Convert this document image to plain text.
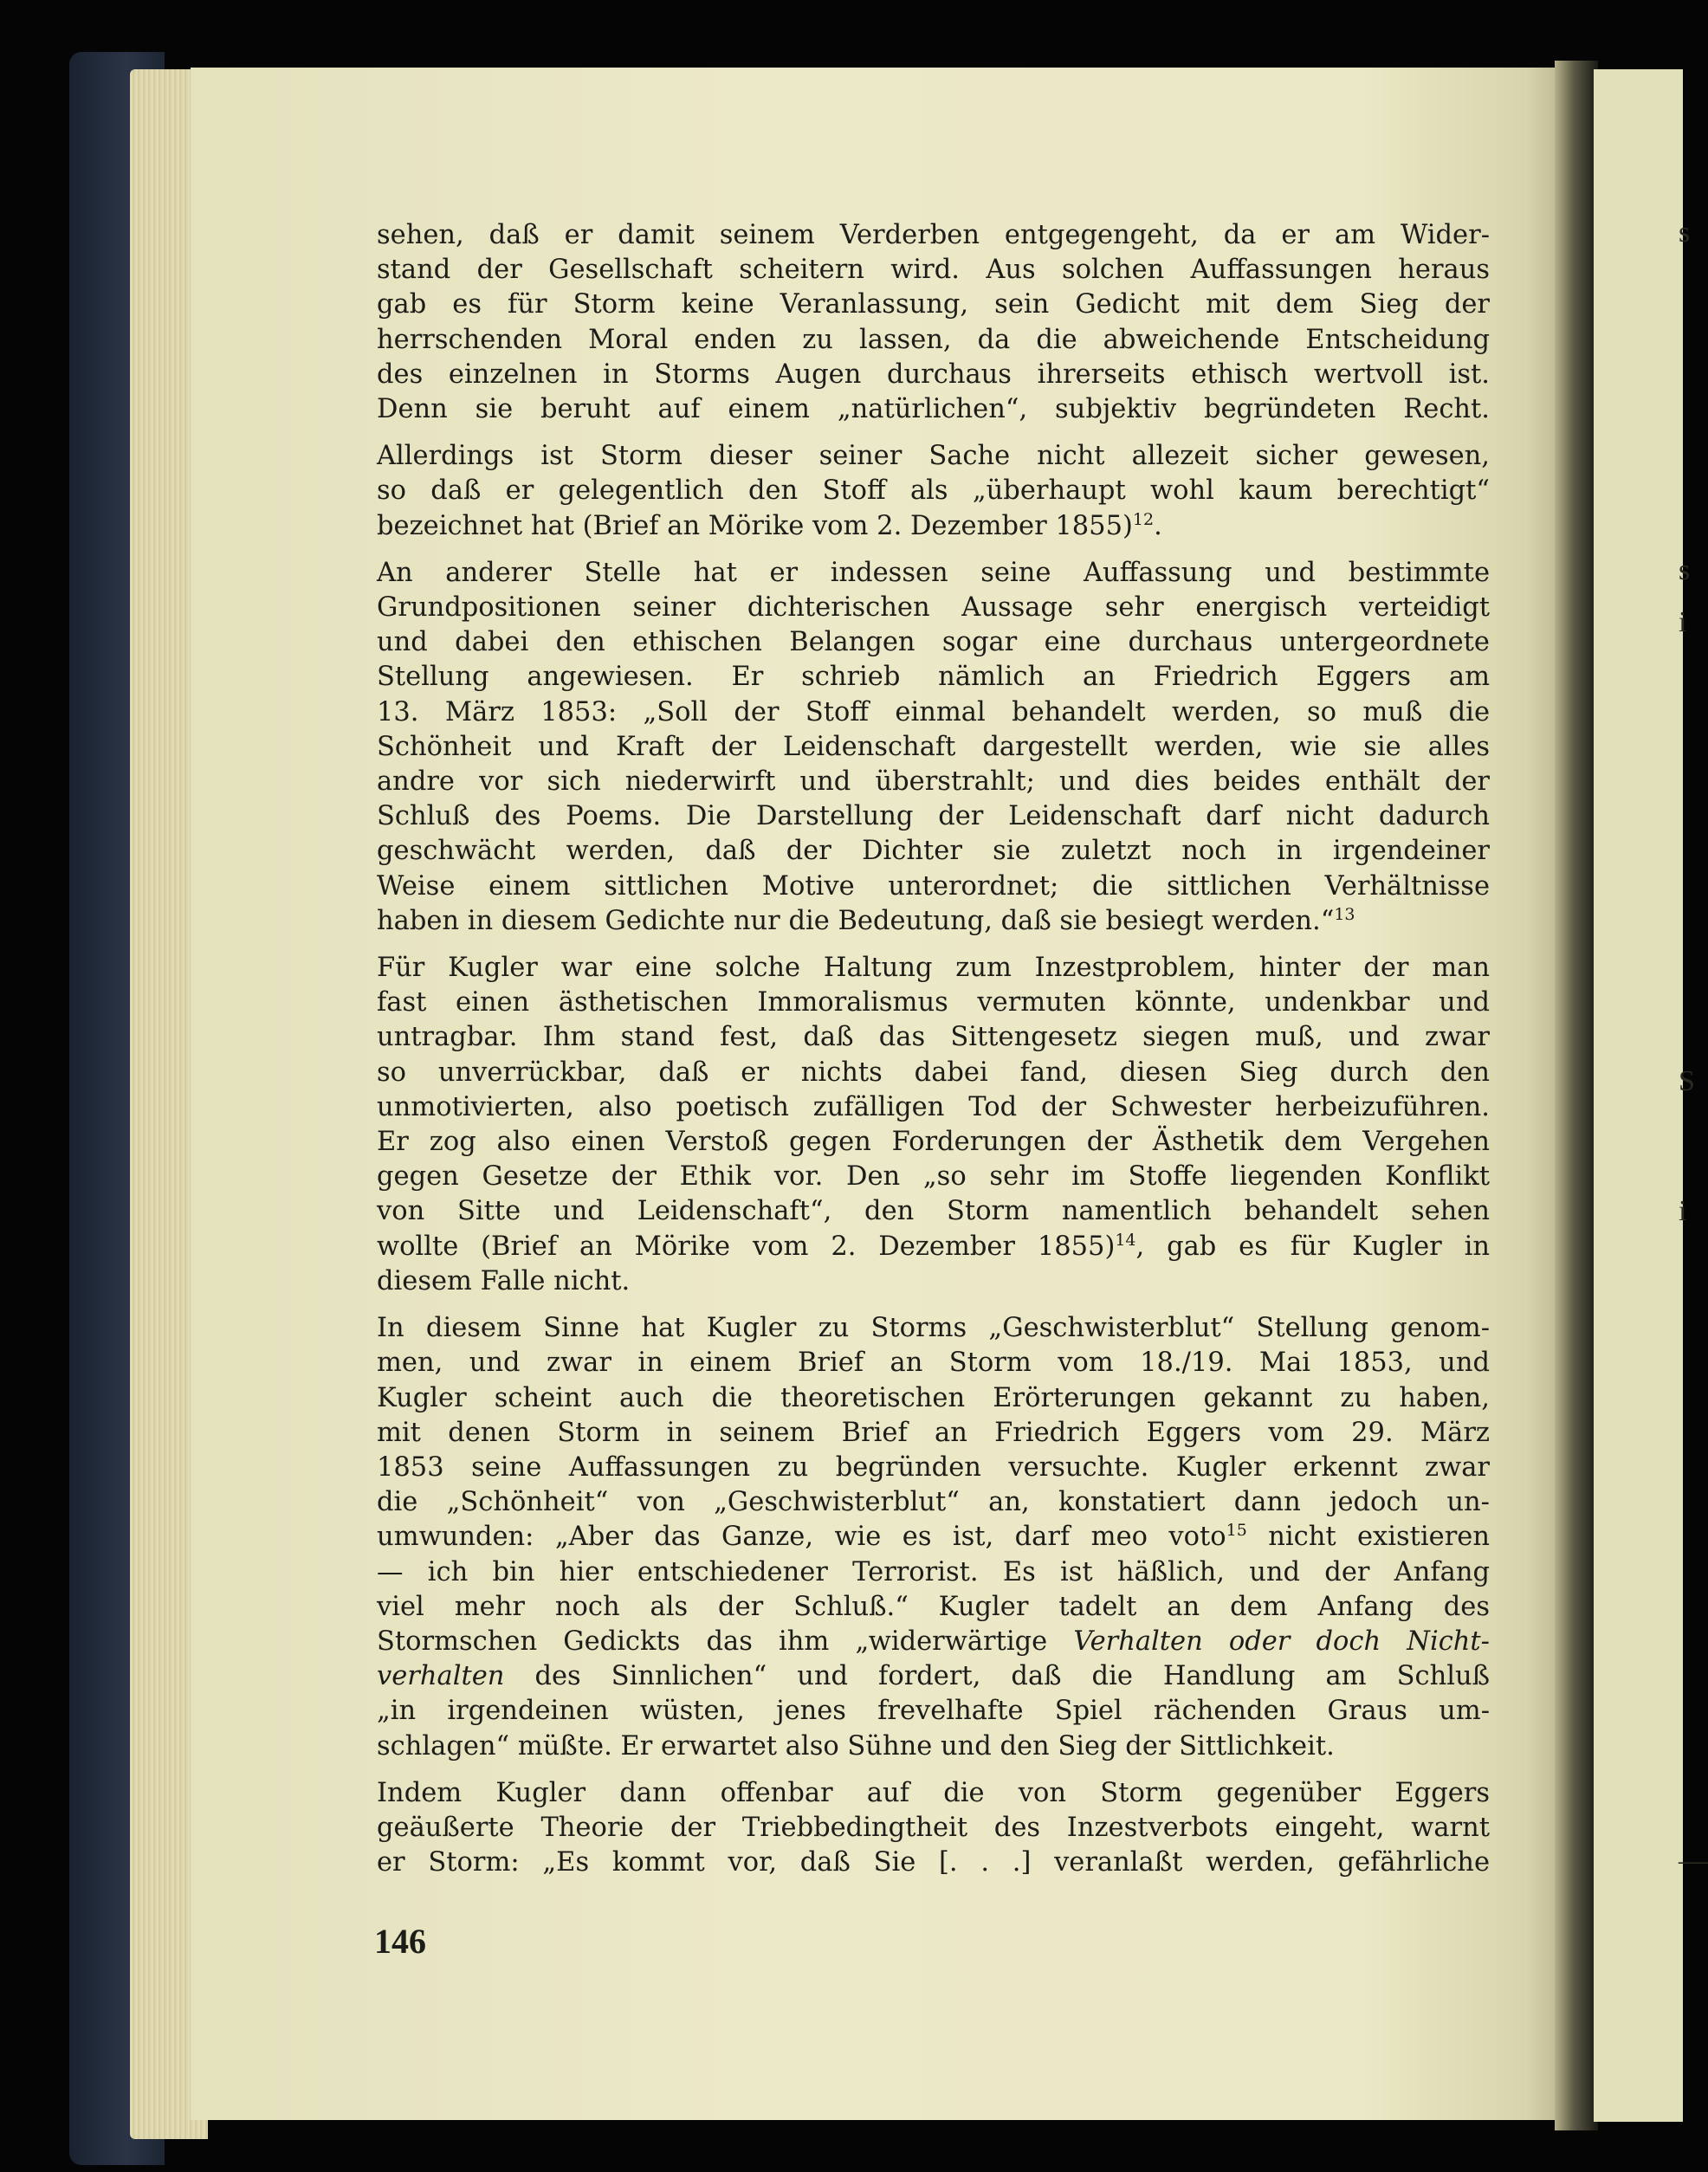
s
s
i
S
i
—
sehen, daß er damit seinem Verderben entgegengeht, da er am Wider-
stand der Gesellschaft scheitern wird. Aus solchen Auffassungen heraus
gab es für Storm keine Veranlassung, sein Gedicht mit dem Sieg der
herrschenden Moral enden zu lassen, da die abweichende Entscheidung
des einzelnen in Storms Augen durchaus ihrerseits ethisch wertvoll ist.
Denn sie beruht auf einem „natürlichen“, subjektiv begründeten Recht.
Allerdings ist Storm dieser seiner Sache nicht allezeit sicher gewesen,
so daß er gelegentlich den Stoff als „überhaupt wohl kaum berechtigt“
bezeichnet hat (Brief an Mörike vom 2. Dezember 1855)$^{12}$.
An anderer Stelle hat er indessen seine Auffassung und bestimmte
Grundpositionen seiner dichterischen Aussage sehr energisch verteidigt
und dabei den ethischen Belangen sogar eine durchaus untergeordnete
Stellung angewiesen. Er schrieb nämlich an Friedrich Eggers am
13. März 1853: „Soll der Stoff einmal behandelt werden, so muß die
Schönheit und Kraft der Leidenschaft dargestellt werden, wie sie alles
andre vor sich niederwirft und überstrahlt; und dies beides enthält der
Schluß des Poems. Die Darstellung der Leidenschaft darf nicht dadurch
geschwächt werden, daß der Dichter sie zuletzt noch in irgendeiner
Weise einem sittlichen Motive unterordnet; die sittlichen Verhältnisse
haben in diesem Gedichte nur die Bedeutung, daß sie besiegt werden.“$^{13}$
Für Kugler war eine solche Haltung zum Inzestproblem, hinter der man
fast einen ästhetischen Immoralismus vermuten könnte, undenkbar und
untragbar. Ihm stand fest, daß das Sittengesetz siegen muß, und zwar
so unverrückbar, daß er nichts dabei fand, diesen Sieg durch den
unmotivierten, also poetisch zufälligen Tod der Schwester herbeizuführen.
Er zog also einen Verstoß gegen Forderungen der Ästhetik dem Vergehen
gegen Gesetze der Ethik vor. Den „so sehr im Stoffe liegenden Konflikt
von Sitte und Leidenschaft“, den Storm namentlich behandelt sehen
wollte (Brief an Mörike vom 2. Dezember 1855)$^{14}$, gab es für Kugler in
diesem Falle nicht.
In diesem Sinne hat Kugler zu Storms „Geschwisterblut“ Stellung genom-
men, und zwar in einem Brief an Storm vom 18./19. Mai 1853, und
Kugler scheint auch die theoretischen Erörterungen gekannt zu haben,
mit denen Storm in seinem Brief an Friedrich Eggers vom 29. März
1853 seine Auffassungen zu begründen versuchte. Kugler erkennt zwar
die „Schönheit“ von „Geschwisterblut“ an, konstatiert dann jedoch un-
umwunden: „Aber das Ganze, wie es ist, darf meo voto$^{15}$ nicht existieren
— ich bin hier entschiedener Terrorist. Es ist häßlich, und der Anfang
viel mehr noch als der Schluß.“ Kugler tadelt an dem Anfang des
Stormschen Gedickts das ihm „widerwärtige Verhalten oder doch Nicht-
verhalten des Sinnlichen“ und fordert, daß die Handlung am Schluß
„in irgendeinen wüsten, jenes frevelhafte Spiel rächenden Graus um-
schlagen“ müßte. Er erwartet also Sühne und den Sieg der Sittlichkeit.
Indem Kugler dann offenbar auf die von Storm gegenüber Eggers
geäußerte Theorie der Triebbedingtheit des Inzestverbots eingeht, warnt
er Storm: „Es kommt vor, daß Sie [. . .] veranlaßt werden, gefährliche
146
